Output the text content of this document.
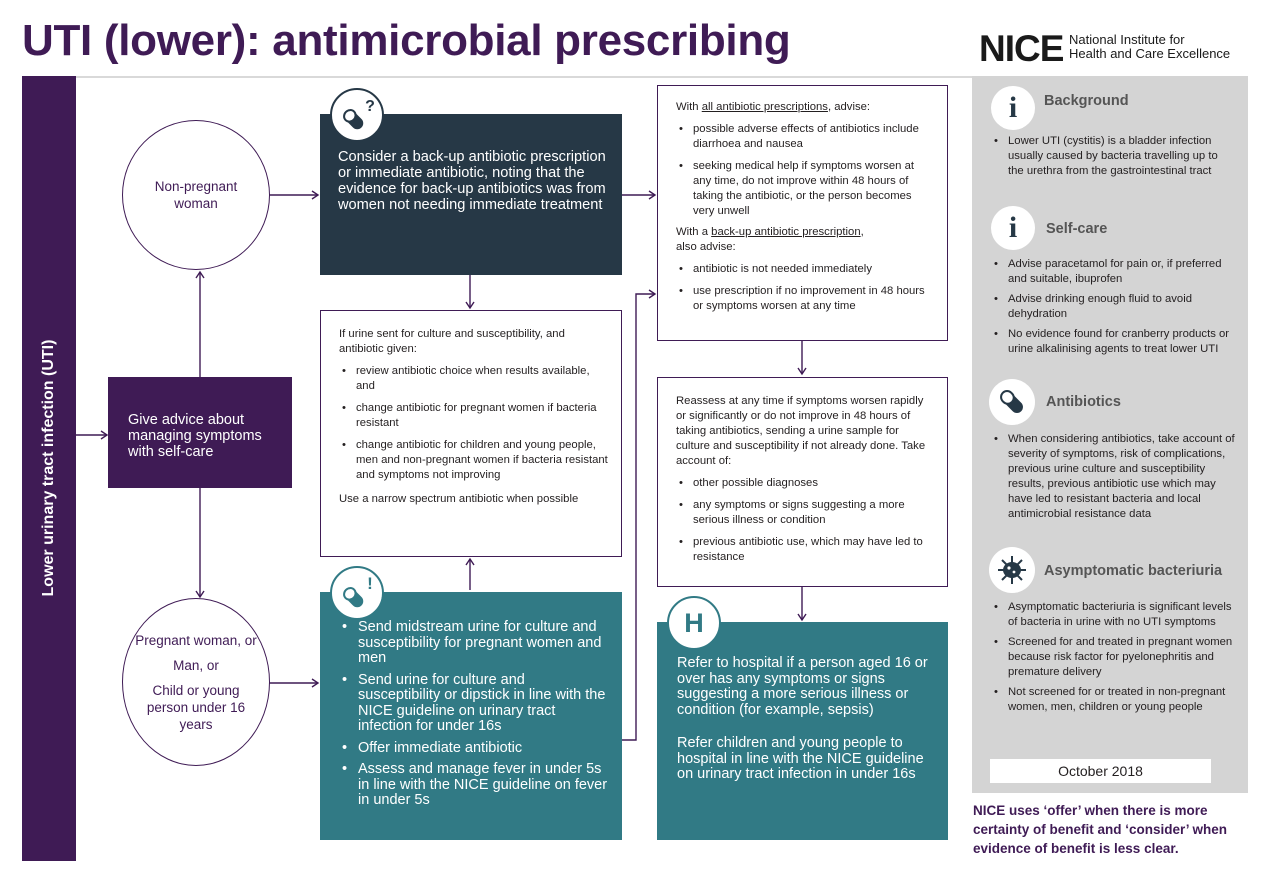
UTI (lower): antimicrobial prescribing	NICE National Institute for
Health and Care Excellence
Lower urinary tract infection (UTI)
Non-pregnant woman
Pregnant woman, or
Man, or
Child or young person under 16 years
Give advice about managing symptoms with self-care
Consider a back-up antibiotic prescription or immediate antibiotic, noting that the evidence for back-up antibiotics was from women not needing immediate treatment
?
If urine sent for culture and susceptibility, and antibiotic given:
• review antibiotic choice when results available, and
• change antibiotic for pregnant women if bacteria resistant
• change antibiotic for children and young people, men and non-pregnant women if bacteria resistant and symptoms not improving
Use a narrow spectrum antibiotic when possible
• Send midstream urine for culture and susceptibility for pregnant women and men
• Send urine for culture and susceptibility or dipstick in line with the NICE guideline on urinary tract infection for under 16s
• Offer immediate antibiotic
• Assess and manage fever in under 5s in line with the NICE guideline on fever in under 5s
!
With all antibiotic prescriptions, advise:
• possible adverse effects of antibiotics include diarrhoea and nausea
• seeking medical help if symptoms worsen at any time, do not improve within 48 hours of taking the antibiotic, or the person becomes very unwell
With a back-up antibiotic prescription,
also advise:
• antibiotic is not needed immediately
• use prescription if no improvement in 48 hours or symptoms worsen at any time
Reassess at any time if symptoms worsen rapidly or significantly or do not improve in 48 hours of taking antibiotics, sending a urine sample for culture and susceptibility if not already done. Take account of:
• other possible diagnoses
• any symptoms or signs suggesting a more serious illness or condition
• previous antibiotic use, which may have led to resistance
Refer to hospital if a person aged 16 or over has any symptoms or signs suggesting a more serious illness or condition (for example, sepsis)
Refer children and young people to hospital in line with the NICE guideline on urinary tract infection in under 16s
H
i	Background
• Lower UTI (cystitis) is a bladder infection usually caused by bacteria travelling up to the urethra from the gastrointestinal tract
i	Self-care
• Advise paracetamol for pain or, if preferred and suitable, ibuprofen
• Advise drinking enough fluid to avoid dehydration
• No evidence found for cranberry products or urine alkalinising agents to treat lower UTI
Antibiotics
• When considering antibiotics, take account of severity of symptoms, risk of complications, previous urine culture and susceptibility results, previous antibiotic use which may have led to resistant bacteria and local antimicrobial resistance data
Asymptomatic bacteriuria
• Asymptomatic bacteriuria is significant levels of bacteria in urine with no UTI symptoms
• Screened for and treated in pregnant women because risk factor for pyelonephritis and premature delivery
• Not screened for or treated in non-pregnant women, men, children or young people
October 2018
NICE uses ‘offer’ when there is more certainty of benefit and ‘consider’ when evidence of benefit is less clear.
